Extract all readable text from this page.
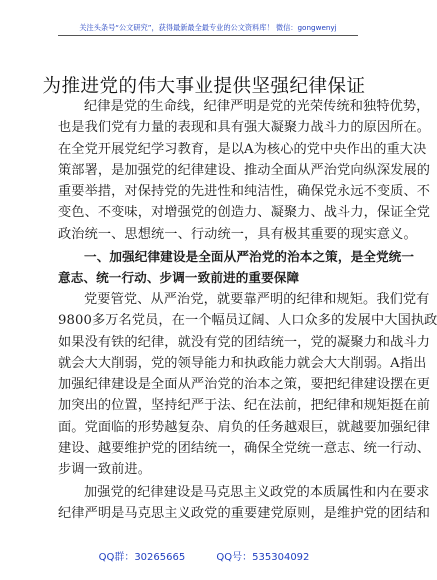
关注头条号“公文研究”，获得最新最全最专业的公文资料库！ 微信：gongwenyj
为推进党的伟大事业提供坚强纪律保证
纪律是党的生命线，纪律严明是党的光荣传统和独特优势，
也是我们党有力量的表现和具有强大凝聚力战斗力的原因所在。
在全党开展党纪学习教育，是以A为核心的党中央作出的重大决
策部署，是加强党的纪律建设、推动全面从严治党向纵深发展的
重要举措，对保持党的先进性和纯洁性，确保党永远不变质、不
变色、不变味，对增强党的创造力、凝聚力、战斗力，保证全党
政治统一、思想统一、行动统一，具有极其重要的现实意义。
一、加强纪律建设是全面从严治党的治本之策，是全党统一
意志、统一行动、步调一致前进的重要保障
党要管党、从严治党，就要靠严明的纪律和规矩。我们党有
9800多万名党员，在一个幅员辽阔、人口众多的发展中大国执政
如果没有铁的纪律，就没有党的团结统一，党的凝聚力和战斗力
就会大大削弱，党的领导能力和执政能力就会大大削弱。A指出
加强纪律建设是全面从严治党的治本之策，要把纪律建设摆在更
加突出的位置，坚持纪严于法、纪在法前，把纪律和规矩挺在前
面。党面临的形势越复杂、肩负的任务越艰巨，就越要加强纪律
建设、越要维护党的团结统一，确保全党统一意志、统一行动、
步调一致前进。
加强党的纪律建设是马克思主义政党的本质属性和内在要求
纪律严明是马克思主义政党的重要建党原则，是维护党的团结和
QQ群：30265665	QQ号：535304092
